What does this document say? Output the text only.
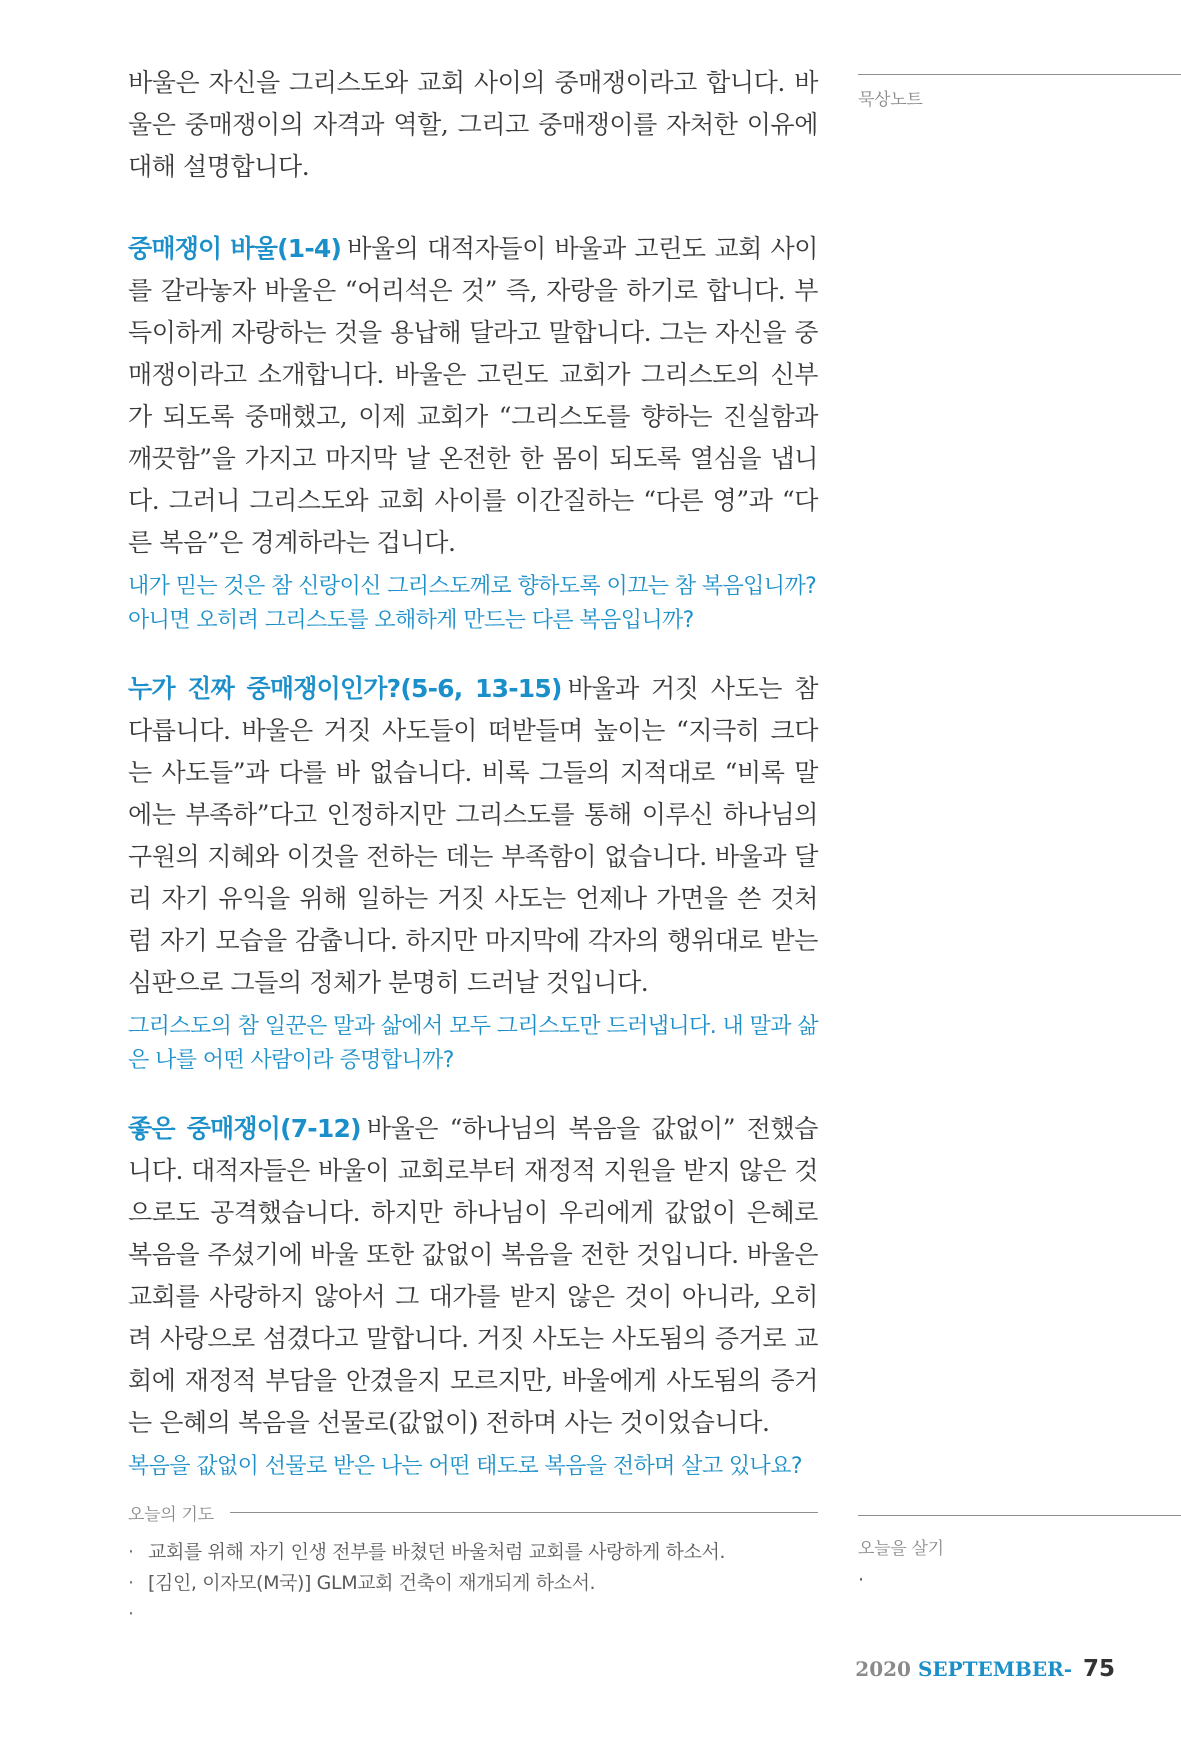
바울은 자신을 그리스도와 교회 사이의 중매쟁이라고 합니다. 바울은 중매쟁이의 자격과 역할, 그리고 중매쟁이를 자처한 이유에 대해 설명합니다.

중매쟁이 바울(1-4) 바울의 대적자들이 바울과 고린도 교회 사이를 갈라놓자 바울은 “어리석은 것” 즉, 자랑을 하기로 합니다. 부득이하게 자랑하는 것을 용납해 달라고 말합니다. 그는 자신을 중매쟁이라고 소개합니다. 바울은 고린도 교회가 그리스도의 신부가 되도록 중매했고, 이제 교회가 “그리스도를 향하는 진실함과 깨끗함”을 가지고 마지막 날 온전한 한 몸이 되도록 열심을 냅니다. 그러니 그리스도와 교회 사이를 이간질하는 “다른 영”과 “다른 복음”은 경계하라는 겁니다.

내가 믿는 것은 참 신랑이신 그리스도께로 향하도록 이끄는 참 복음입니까? 아니면 오히려 그리스도를 오해하게 만드는 다른 복음입니까?

누가 진짜 중매쟁이인가?(5-6, 13-15) 바울과 거짓 사도는 참 다릅니다. 바울은 거짓 사도들이 떠받들며 높이는 “지극히 크다는 사도들”과 다를 바 없습니다. 비록 그들의 지적대로 “비록 말에는 부족하”다고 인정하지만 그리스도를 통해 이루신 하나님의 구원의 지혜와 이것을 전하는 데는 부족함이 없습니다. 바울과 달리 자기 유익을 위해 일하는 거짓 사도는 언제나 가면을 쓴 것처럼 자기 모습을 감춥니다. 하지만 마지막에 각자의 행위대로 받는 심판으로 그들의 정체가 분명히 드러날 것입니다.

그리스도의 참 일꾼은 말과 삶에서 모두 그리스도만 드러냅니다. 내 말과 삶은 나를 어떤 사람이라 증명합니까?

좋은 중매쟁이(7-12) 바울은 “하나님의 복음을 값없이” 전했습니다. 대적자들은 바울이 교회로부터 재정적 지원을 받지 않은 것으로도 공격했습니다. 하지만 하나님이 우리에게 값없이 은혜로 복음을 주셨기에 바울 또한 값없이 복음을 전한 것입니다. 바울은 교회를 사랑하지 않아서 그 대가를 받지 않은 것이 아니라, 오히려 사랑으로 섬겼다고 말합니다. 거짓 사도는 사도됨의 증거로 교회에 재정적 부담을 안겼을지 모르지만, 바울에게 사도됨의 증거는 은혜의 복음을 선물로(값없이) 전하며 사는 것이었습니다.

복음을 값없이 선물로 받은 나는 어떤 태도로 복음을 전하며 살고 있나요?

묵상노트
오늘의 기도
· 교회를 위해 자기 인생 전부를 바쳤던 바울처럼 교회를 사랑하게 하소서.
· [김인, 이자모(M국)] GLM교회 건축이 재개되게 하소서.
·
오늘을 살기
·
2020 SEPTEMBER- 75
